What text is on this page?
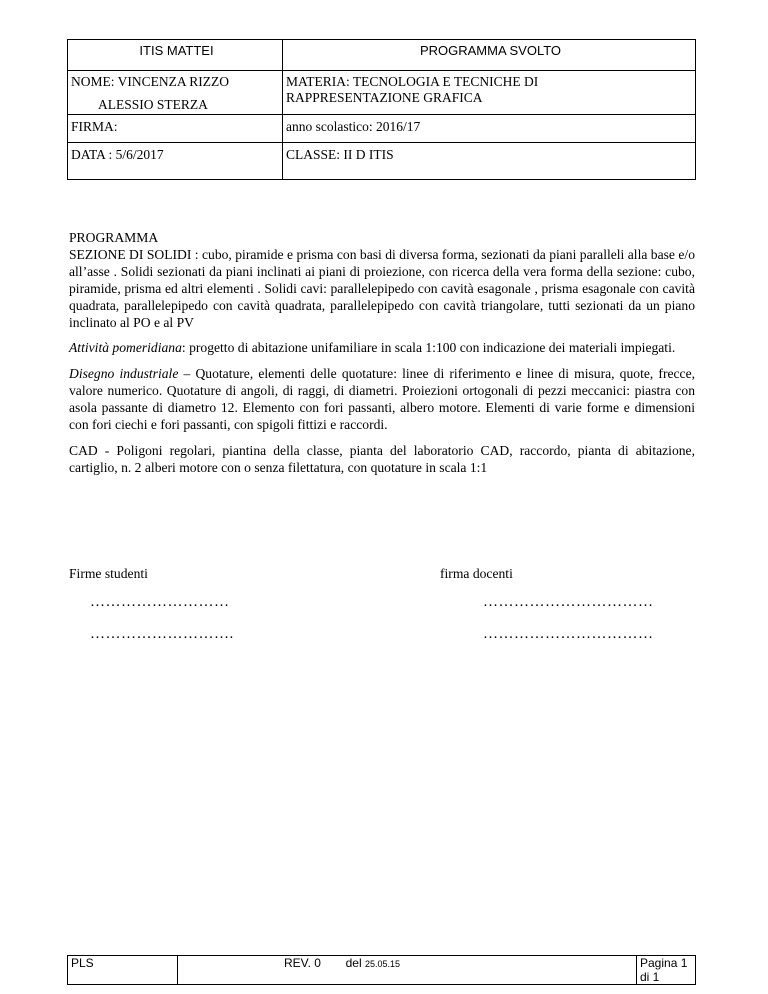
ITIS MATTEI	PROGRAMMA SVOLTO

NOME: VINCENZA RIZZO
ALESSIO STERZA	MATERIA: TECNOLOGIA E TECNICHE DI
RAPPRESENTAZIONE GRAFICA

FIRMA:	anno scolastico: 2016/17
DATA : 5/6/2017	CLASSE: II D ITIS

PROGRAMMA
SEZIONE DI SOLIDI : cubo, piramide e prisma con basi di diversa forma, sezionati da piani paralleli alla base e/o all’asse . Solidi sezionati da piani inclinati ai piani di proiezione, con ricerca della vera forma della sezione: cubo, piramide, prisma ed altri elementi . Solidi cavi: parallelepipedo con cavità esagonale , prisma esagonale con cavità quadrata, parallelepipedo con cavità quadrata, parallelepipedo con cavità triangolare, tutti sezionati da un piano inclinato al PO e al PV

Attività pomeridiana: progetto di abitazione unifamiliare in scala 1:100 con indicazione dei materiali impiegati.

Disegno industriale – Quotature, elementi delle quotature: linee di riferimento e linee di misura, quote, frecce, valore numerico. Quotature di angoli, di raggi, di diametri. Proiezioni ortogonali di pezzi meccanici: piastra con asola passante di diametro 12. Elemento con fori passanti, albero motore. Elementi di varie forme e dimensioni con fori ciechi e fori passanti, con spigoli fittizi e raccordi.

CAD - Poligoni regolari, piantina della classe, pianta del laboratorio CAD, raccordo, pianta di abitazione, cartiglio, n. 2 alberi motore con o senza filettatura, con quotature in scala 1:1

Firme studenti	firma docenti
………………………
……………………….
……………………………
……………………………
PLS	REV. 0 del 25.05.15	Pagina 1 di 1
